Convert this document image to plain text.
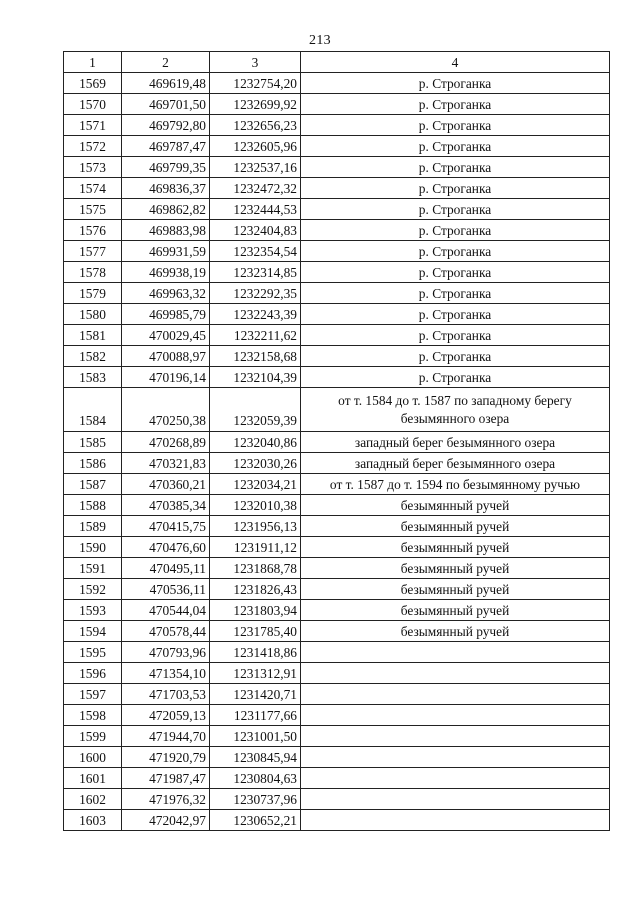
213
1	2	3	4
1569	469619,48	1232754,20	р. Строганка
1570	469701,50	1232699,92	р. Строганка
1571	469792,80	1232656,23	р. Строганка
1572	469787,47	1232605,96	р. Строганка
1573	469799,35	1232537,16	р. Строганка
1574	469836,37	1232472,32	р. Строганка
1575	469862,82	1232444,53	р. Строганка
1576	469883,98	1232404,83	р. Строганка
1577	469931,59	1232354,54	р. Строганка
1578	469938,19	1232314,85	р. Строганка
1579	469963,32	1232292,35	р. Строганка
1580	469985,79	1232243,39	р. Строганка
1581	470029,45	1232211,62	р. Строганка
1582	470088,97	1232158,68	р. Строганка
1583	470196,14	1232104,39	р. Строганка
1584	470250,38	1232059,39	от т. 1584 до т. 1587 по западному берегу безымянного озера
1585	470268,89	1232040,86	западный берег безымянного озера
1586	470321,83	1232030,26	западный берег безымянного озера
1587	470360,21	1232034,21	от т. 1587 до т. 1594 по безымянному ручью
1588	470385,34	1232010,38	безымянный ручей
1589	470415,75	1231956,13	безымянный ручей
1590	470476,60	1231911,12	безымянный ручей
1591	470495,11	1231868,78	безымянный ручей
1592	470536,11	1231826,43	безымянный ручей
1593	470544,04	1231803,94	безымянный ручей
1594	470578,44	1231785,40	безымянный ручей
1595	470793,96	1231418,86	
1596	471354,10	1231312,91	
1597	471703,53	1231420,71	
1598	472059,13	1231177,66	
1599	471944,70	1231001,50	
1600	471920,79	1230845,94	
1601	471987,47	1230804,63	
1602	471976,32	1230737,96	
1603	472042,97	1230652,21	
